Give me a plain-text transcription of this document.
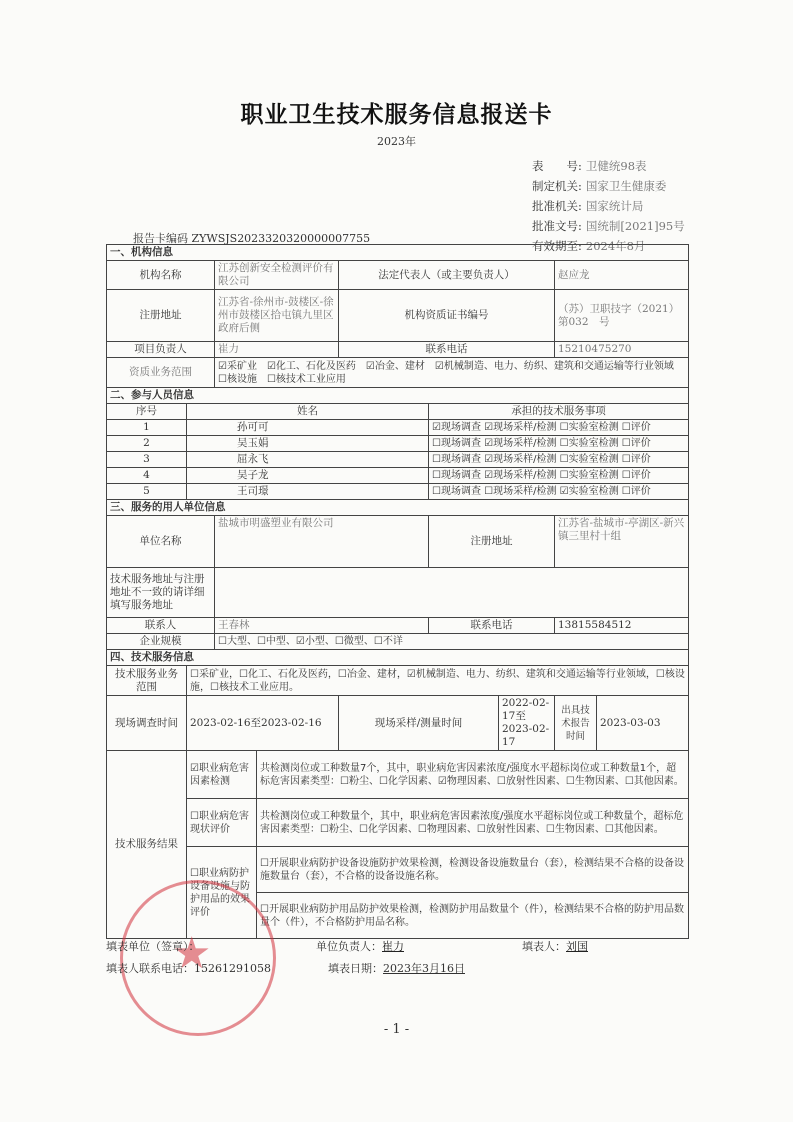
职业卫生技术服务信息报送卡
2023年
表　　号: 卫健统98表
制定机关: 国家卫生健康委
批准机关: 国家统计局
批准文号: 国统制[2021]95号
有效期至: 2024年8月
报告卡编码 ZYWSJS2023320320000007755
一、机构信息								
机构名称		江苏创新安全检测评价有限公司		法定代表人（或主要负责人）			赵应龙	
注册地址		江苏省-徐州市-鼓楼区-徐州市鼓楼区拾屯镇九里区政府后侧		机构资质证书编号			（苏）卫职技字（2021）第032　号	
项目负责人		崔力		联系电话			15210475270	
资质业务范围		☑采矿业　☑化工、石化及医药　☑冶金、建材　☑机械制造、电力、纺织、建筑和交通运输等行业领域　☐核设施　☐核技术工业应用						
二、参与人员信息								
序号	姓名				承担的技术服务事项			
1	孙可可				☑现场调查 ☑现场采样/检测 ☐实验室检测 ☐评价			
2	吴玉娟				☐现场调查 ☑现场采样/检测 ☐实验室检测 ☐评价			
3	屈永飞				☐现场调查 ☑现场采样/检测 ☐实验室检测 ☐评价			
4	吴子龙				☐现场调查 ☑现场采样/检测 ☐实验室检测 ☐评价			
5	王司璟				☐现场调查 ☐现场采样/检测 ☑实验室检测 ☐评价			
三、服务的用人单位信息								
单位名称		盐城市明盛塑业有限公司			注册地址		江苏省-盐城市-亭湖区-新兴镇三里村十组	
技术服务地址与注册地址不一致的请详细填写服务地址								
联系人		王春林			联系电话		13815584512	
企业规模		☐大型、☐中型、☑小型、☐微型、☐不详						
四、技术服务信息								
技术服务业务范围	☐采矿业，☐化工、石化及医药，☐冶金、建材，☑机械制造、电力、纺织、建筑和交通运输等行业领域，☐核设施，☐核技术工业应用。							
现场调查时间	2023-02-16至2023-02-16			现场采样/测量时间		2022-02-17至2023-02-17	出具技术报告时间	2023-03-03
技术服务结果	☑职业病危害因素检测		共检测岗位或工种数量7个，其中，职业病危害因素浓度/强度水平超标岗位或工种数量1个，超标危害因素类型：☐粉尘、☐化学因素、☑物理因素、☐放射性因素、☐生物因素、☐其他因素。					
	☐职业病危害现状评价		共检测岗位或工种数量个，其中，职业病危害因素浓度/强度水平超标岗位或工种数量个，超标危害因素类型：☐粉尘、☐化学因素、☐物理因素、☐放射性因素、☐生物因素、☐其他因素。					
	☐职业病防护设备设施与防护用品的效果评价		☐开展职业病防护设备设施防护效果检测，检测设备设施数量台（套），检测结果不合格的设备设施数量台（套），不合格的设备设施名称。					
			☐开展职业病防护用品防护效果检测，检测防护用品数量个（件），检测结果不合格的防护用品数量个（件），不合格防护用品名称。					
★
填表单位（签章）：	单位负责人：崔力	填表人：刘国
填表人联系电话：15261291058	填表日期：2023年3月16日
- 1 -
